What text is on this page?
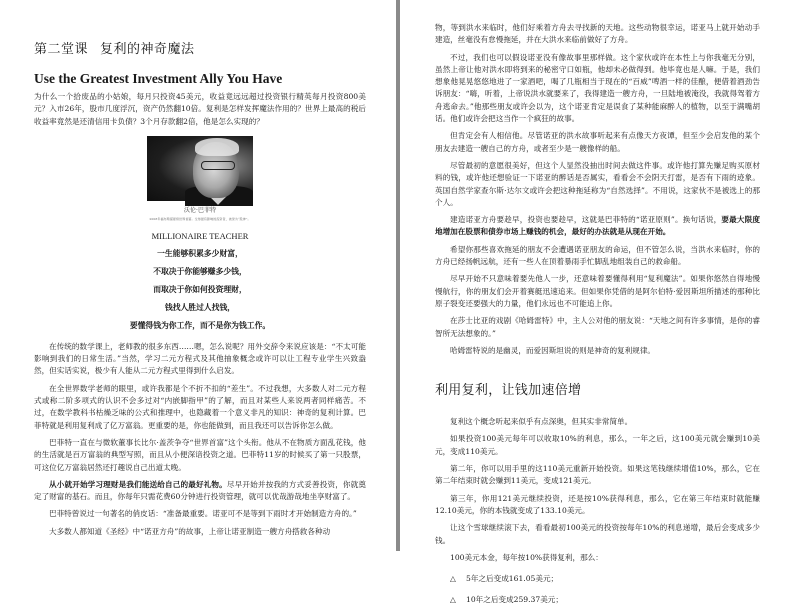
第二堂课 复利的神奇魔法
Use the Greatest Investment Ally You Have

为什么一个拾废品的小姑娘，每月只投资45美元，收益竟远远超过投资银行精英每月投资800美元？入市26年，股市几度浮沉，资产仍然翻10倍。复利是怎样发挥魔法作用的？世界上最高的税后收益率竟然是还清信用卡负债？3个月存款翻2倍，他是怎么实现的？

沃伦·巴菲特
2008年福布斯富豪榜世界首富。全球最有影响的投资者，被誉为“股神”。
MILLIONAIRE TEACHER
一生能够积累多少财富，
不取决于你能够赚多少钱，
而取决于你如何投资理财，
钱找人胜过人找钱，
要懂得钱为你工作，而不是你为钱工作。

在传统的数学课上，老师教的很多东西……嗯，怎么说呢？用外交辞令来说应该是：“不太可能影响到我们的日常生活。”当然，学习二元方程式及其他抽象概念或许可以让工程专业学生兴致盎然，但实话实说，极少有人能从二元方程式里得到什么启发。

在全世界数学老师的眼里，或许我都是个不折不扣的“差生”。不过我想，大多数人对二元方程式或称二阶多项式的认识不会多过对“内嵌脚指甲”的了解，而且对某些人来说两者同样痛苦。不过，在数学教科书枯燥乏味的公式和推理中，也隐藏着一个意义非凡的知识：神奇的复利计算。巴菲特就是利用复利成了亿万富翁。更重要的是，你也能做到，而且我还可以告诉你怎么做。

巴菲特一直在与微软董事长比尔·盖茨争夺“世界首富”这个头衔。他从不在物质方面乱花钱，他的生活就是百万富翁的典型写照，而且从小便深谙投资之道。巴菲特11岁的时候买了第一只股票，可这位亿万富翁居然还打趣说自己出道太晚。

从小就开始学习理财是我们能送给自己的最好礼物。尽早开始并按我的方式妥善投资，你就奠定了财富的基石。而且，你每年只需花费60分钟进行投资管理，就可以优哉游哉地坐享财富了。

巴菲特曾说过一句著名的俏皮话：“准备最重要。诺亚可不是等到下雨时才开始制造方舟的。”

大多数人都知道《圣经》中“诺亚方舟”的故事，上帝让诺亚制造一艘方舟搭救各种动

物，等到洪水来临时，他们好乘着方舟去寻找新的天地。这些动物很幸运，诺亚马上就开始动手建造，丝毫没有怠慢拖延，并在大洪水来临前做好了方舟。

不过，我们也可以假设诺亚没有像故事里那样做。这个家伙或许在本性上与你我毫无分别，虽然上帝让他对洪水即将到来的秘密守口如瓶，他却未必做得到。他毕竟也是人嘛。于是，我们想象他晃晃悠悠地进了一家酒吧，喝了几瓶相当于现在的“百威”啤酒一样的佳酿，便借着酒劲告诉朋友：“嗨，听着，上帝说洪水就要来了，我得建造一艘方舟，一旦陆地被淹没，我就得驾着方舟逃命去。”他那些朋友或许会以为，这个诺亚肯定是误食了某种能麻醉人的植物，以至于满嘴胡话。他们或许会把这当作一个疯狂的故事。

但肯定会有人相信他。尽管诺亚的洪水故事听起来有点像天方夜谭，但至少会启发他的某个朋友去建造一艘自己的方舟，或者至少是一艘像样的船。

尽管最初的意愿很美好，但这个人显然没抽出时间去做这件事。或许他打算先赚足购买原材料的钱，或许他还想验证一下诺亚的醉话是否属实，看看会不会阴天打雷，是否有下雨的迹象。英国自然学家查尔斯·达尔文或许会把这种拖延称为“自然选择”。不用说，这家伙不是被选上的那个人。

建造诺亚方舟要趁早，投资也要趁早，这就是巴菲特的“诺亚原则”。换句话说，要最大限度地增加在股票和债券市场上赚钱的机会，最好的办法就是从现在开始。

希望你那些喜欢拖延的朋友不会遭遇诺亚朋友的命运，但不管怎么说，当洪水来临时，你的方舟已经扬帆远航，还有一些人在顶着暴雨手忙脚乱地组装自己的救命船。

尽早开始不只意味着要先他人一步，还意味着要懂得利用“复利魔法”。如果你悠然自得地慢慢航行，你的朋友们会开着赛艇迅速追来。但如果你凭借的是阿尔伯特·爱因斯坦所描述的那种比原子裂变还要强大的力量，他们永远也不可能追上你。

在莎士比亚的戏剧《哈姆雷特》中，主人公对他的朋友说：“天地之间有许多事情，是你的睿智所无法想象的。”

哈姆雷特说的是幽灵，而爱因斯坦说的则是神奇的复利规律。

利用复利，让钱加速倍增

复利这个概念听起来似乎有点深奥，但其实非常简单。

如果投资100美元每年可以收取10%的利息，那么，一年之后，这100美元就会赚到10美元，变成110美元。

第二年，你可以用手里的这110美元重新开始投资。如果这笔钱继续增值10%，那么，它在第二年结束时就会赚到11美元，变成121美元。

第三年，你用121美元继续投资，还是按10%获得利息，那么，它在第三年结束时就能赚12.10美元，你的本钱就变成了133.10美元。

让这个雪球继续滚下去，看看最初100美元的投资按每年10%的利息递增，最后会变成多少钱。

100美元本金，每年按10%获得复利，那么：

△ 5年之后变成161.05美元；
△ 10年之后变成259.37美元；
